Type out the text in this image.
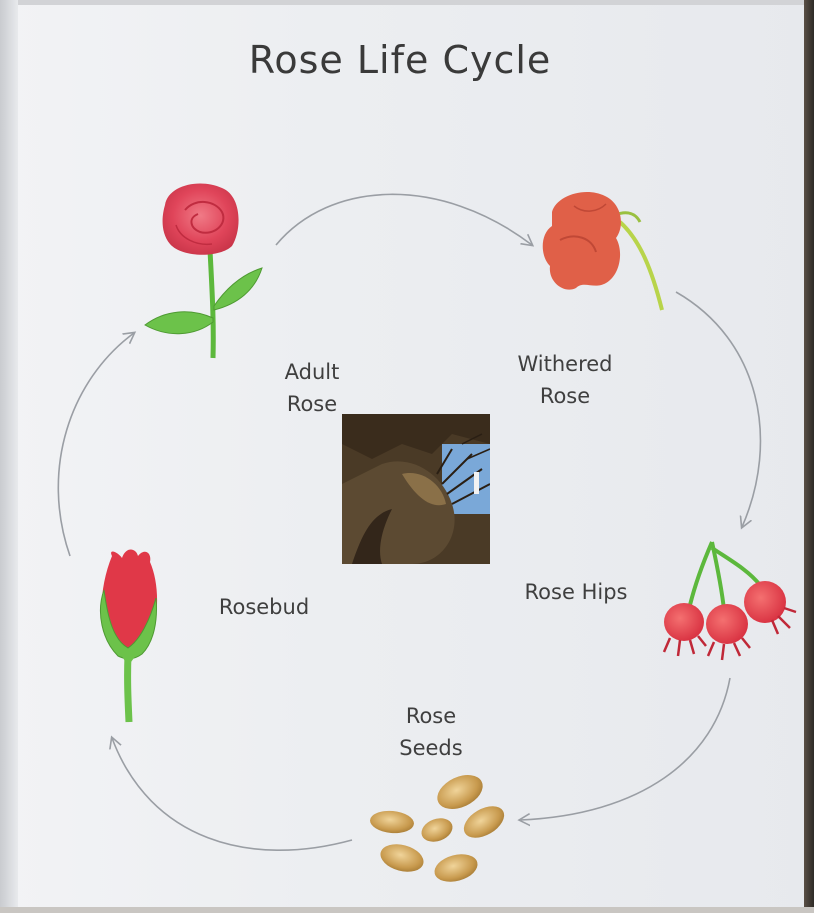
Rose Life Cycle
Adult
Rose
Withered
Rose
Rose Hips
Rose
Seeds
Rosebud
